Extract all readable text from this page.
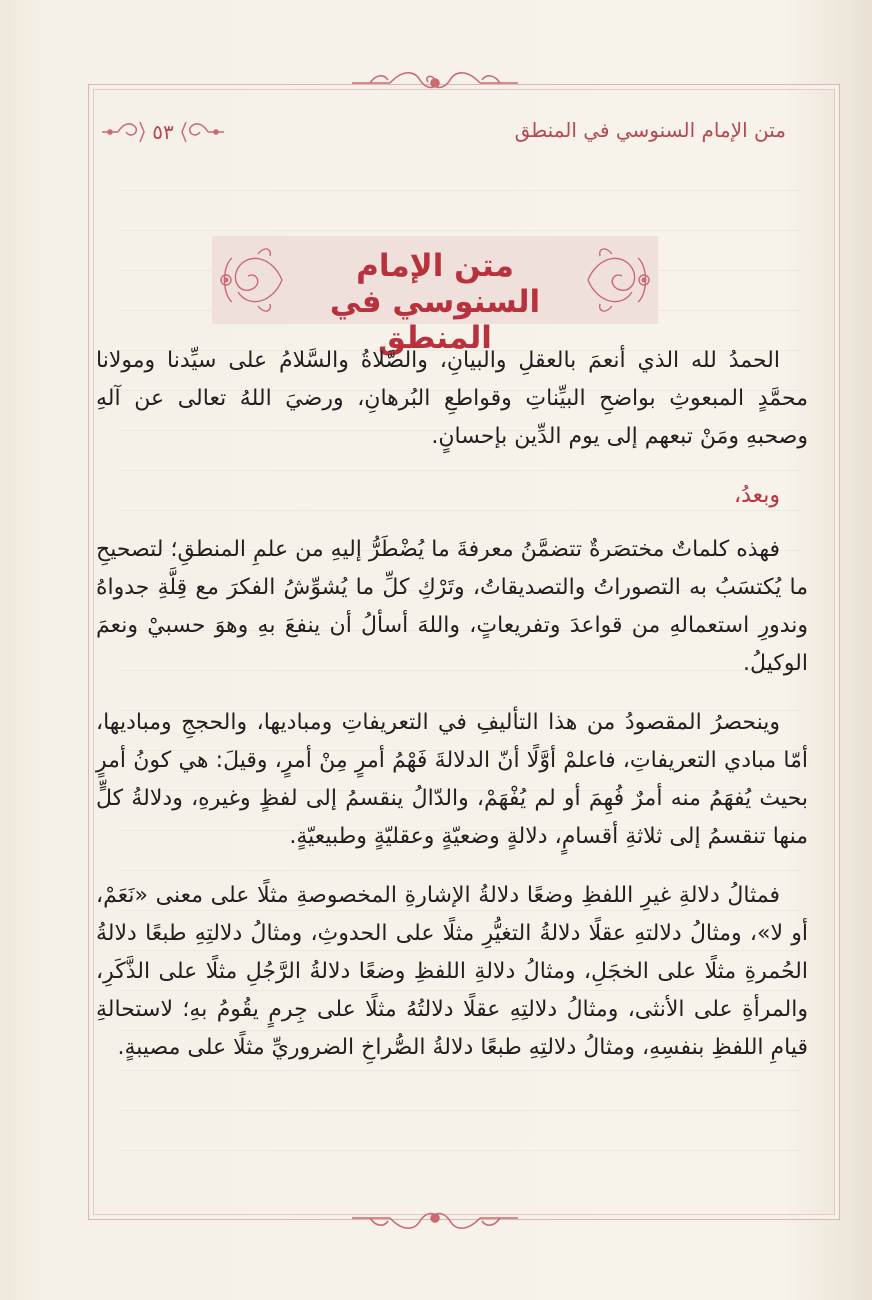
متن الإمام السنوسي في المنطق
٥٣
متن الإمام السنوسي في المنطق

الحمدُ لله الذي أنعمَ بالعقلِ والبيانِ، والصَّلاةُ والسَّلامُ على سيِّدنا ومولانا محمَّدٍ المبعوثِ بواضحِ البيِّناتِ وقواطعِ البُرهانِ، ورضيَ اللهُ تعالى عن آلهِ وصحبهِ ومَنْ تبعهم إلى يوم الدِّين بإحسانٍ.

وبعدُ،

فهذه كلماتٌ مختصَرةٌ تتضمَّنُ معرفةَ ما يُضْطَرُّ إليهِ من علمِ المنطقِ؛ لتصحيحِ ما يُكتسَبُ به التصوراتُ والتصديقاتُ، وتَرْكِ كلِّ ما يُشوِّشُ الفكرَ مع قِلَّةِ جدواهُ وندورِ استعمالهِ من قواعدَ وتفريعاتٍ، واللهَ أسألُ أن ينفعَ بهِ وهوَ حسبيْ ونعمَ الوكيلُ.

وينحصرُ المقصودُ من هذا التأليفِ في التعريفاتِ ومباديها، والحججِ ومباديها، أمّا مبادي التعريفاتِ، فاعلمْ أوَّلًا أنّ الدلالةَ فَهْمُ أمرٍ مِنْ أمرٍ، وقيلَ: هي كونُ أمرٍ بحيث يُفهَمُ منه أمرٌ فُهِمَ أو لم يُفْهَمْ، والدّالُ ينقسمُ إلى لفظٍ وغيرهِ، ودلالةُ كلٍّ منها تنقسمُ إلى ثلاثةِ أقسامٍ، دلالةٍ وضعيّةٍ وعقليّةٍ وطبيعيّةٍ.

فمثالُ دلالةِ غيرِ اللفظِ وضعًا دلالةُ الإشارةِ المخصوصةِ مثلًا على معنى «نَعَمْ، أو لا»، ومثالُ دلالتهِ عقلًا دلالةُ التغيُّرِ مثلًا على الحدوثِ، ومثالُ دلالتِهِ طبعًا دلالةُ الحُمرةِ مثلًا على الخجَلِ، ومثالُ دلالةِ اللفظِ وضعًا دلالةُ الرَّجُلِ مثلًا على الذَّكَرِ، والمرأةِ على الأنثى، ومثالُ دلالتِهِ عقلًا دلالتُهُ مثلًا على جِرمٍ يقُومُ بهِ؛ لاستحالةِ قيامِ اللفظِ بنفسِهِ، ومثالُ دلالتِهِ طبعًا دلالةُ الصُّراخِ الضروريِّ مثلًا على مصيبةٍ.
